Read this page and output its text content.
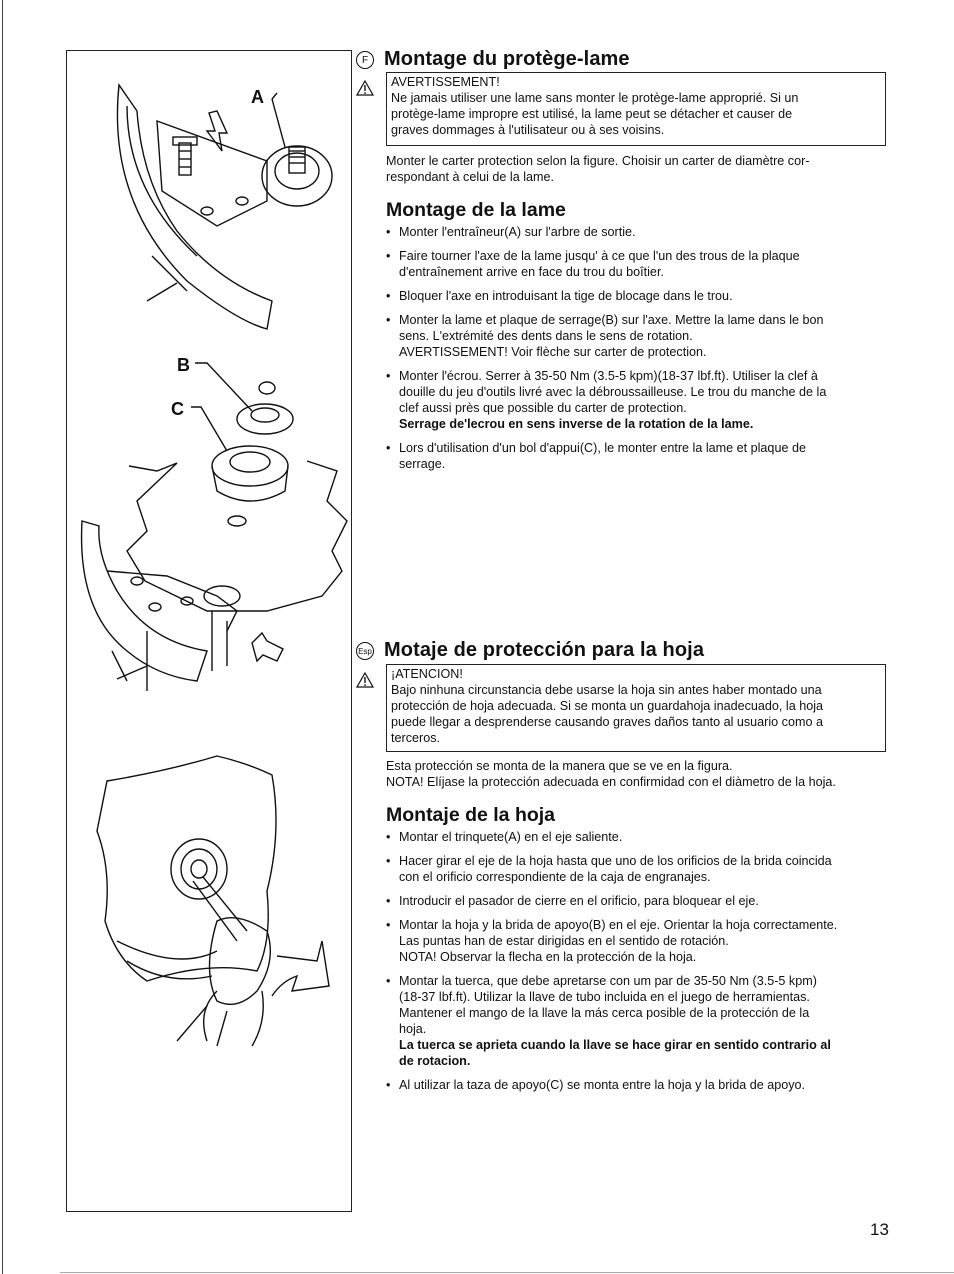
A
B
C
F Montage du protège-lame
AVERTISSEMENT!
Ne jamais utiliser une lame sans monter le protège-lame approprié. Si un
protège-lame impropre est utilisé, la lame peut se détacher et causer de
graves dommages à l'utilisateur ou à ses voisins.
Monter le carter protection selon la figure. Choisir un carter de diamètre cor-
respondant à celui de la lame.
Montage de la lame
• Monter l'entraîneur(A) sur l'arbre de sortie.
• Faire tourner l'axe de la lame jusqu' à ce que l'un des trous de la plaque
d'entraînement arrive en face du trou du boîtier.
• Bloquer l'axe en introduisant la tige de blocage dans le trou.
• Monter la lame et plaque de serrage(B) sur l'axe. Mettre la lame dans le bon
sens. L'extrémité des dents dans le sens de rotation.
AVERTISSEMENT! Voir flèche sur carter de protection.
• Monter l'écrou. Serrer à 35-50 Nm (3.5-5 kpm)(18-37 lbf.ft). Utiliser la clef à
douille du jeu d'outils livré avec la débroussailleuse. Le trou du manche de la
clef aussi près que possible du carter de protection.
Serrage de'lecrou en sens inverse de la rotation de la lame.
• Lors d'utilisation d'un bol d'appui(C), le monter entre la lame et plaque de
serrage.
Esp Motaje de protección para la hoja
¡ATENCION!
Bajo ninhuna circunstancia debe usarse la hoja sin antes haber montado una
protección de hoja adecuada. Si se monta un guardahoja inadecuado, la hoja
puede llegar a desprenderse causando graves daños tanto al usuario como a
terceros.
Esta protección se monta de la manera que se ve en la figura.
NOTA! Elíjase la protección adecuada en confirmidad con el diàmetro de la hoja.
Montaje de la hoja
• Montar el trinquete(A) en el eje saliente.
• Hacer girar el eje de la hoja hasta que uno de los orificios de la brida coincida
con el orificio correspondiente de la caja de engranajes.
• Introducir el pasador de cierre en el orificio, para bloquear el eje.
• Montar la hoja y la brida de apoyo(B) en el eje. Orientar la hoja correctamente.
Las puntas han de estar dirigidas en el sentido de rotación.
NOTA! Observar la flecha en la protección de la hoja.
• Montar la tuerca, que debe apretarse con um par de 35-50 Nm (3.5-5 kpm)
(18-37 lbf.ft). Utilizar la llave de tubo incluida en el juego de herramientas.
Mantener el mango de la llave la más cerca posible de la protección de la
hoja.
La tuerca se aprieta cuando la llave se hace girar en sentido contrario al
de rotacion.
• Al utilizar la taza de apoyo(C) se monta entre la hoja y la brida de apoyo.
13
